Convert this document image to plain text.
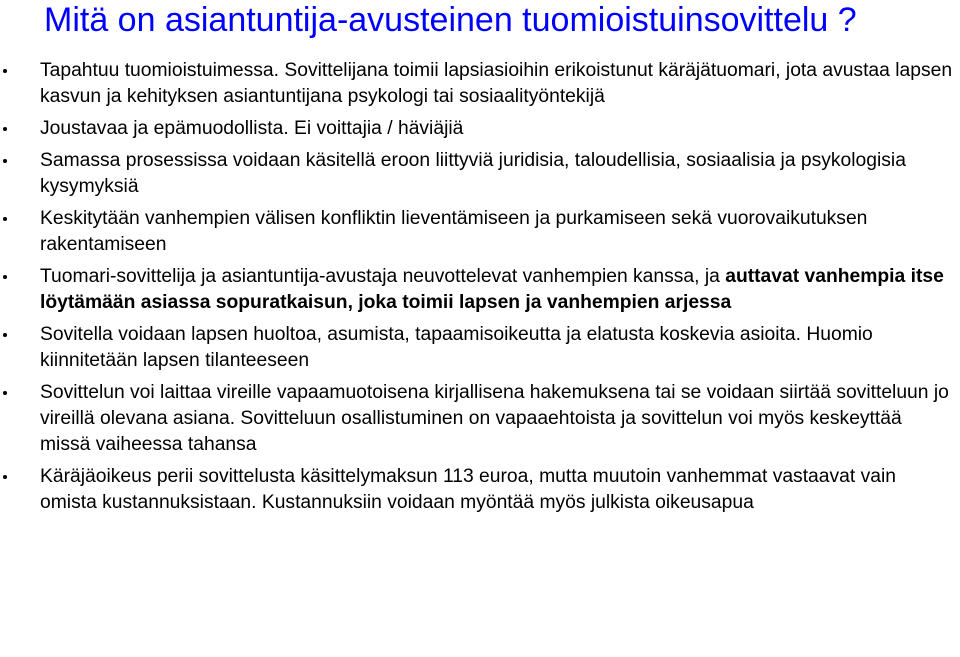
Mitä on asiantuntija-avusteinen tuomioistuinsovittelu ?
Tapahtuu tuomioistuimessa. Sovittelijana toimii lapsiasioihin erikoistunut käräjätuomari, jota avustaa lapsen kasvun ja kehityksen asiantuntijana psykologi tai sosiaalityöntekijä
Joustavaa ja epämuodollista. Ei voittajia / häviäjiä
Samassa prosessissa voidaan käsitellä eroon liittyviä juridisia, taloudellisia, sosiaalisia ja psykologisia kysymyksiä
Keskitytään vanhempien välisen konfliktin lieventämiseen ja purkamiseen sekä vuorovaikutuksen rakentamiseen
Tuomari-sovittelija ja asiantuntija-avustaja neuvottelevat vanhempien kanssa, ja auttavat vanhempia itse löytämään asiassa sopuratkaisun, joka toimii lapsen ja vanhempien arjessa
Sovitella voidaan lapsen huoltoa, asumista, tapaamisoikeutta ja elatusta koskevia asioita. Huomio kiinnitetään lapsen tilanteeseen
Sovittelun voi laittaa vireille vapaamuotoisena kirjallisena hakemuksena tai se voidaan siirtää sovitteluun jo vireillä olevana asiana. Sovitteluun osallistuminen on vapaaehtoista ja sovittelun voi myös keskeyttää missä vaiheessa tahansa
Käräjäoikeus perii sovittelusta käsittelymaksun 113 euroa, mutta muutoin vanhemmat vastaavat vain omista kustannuksistaan. Kustannuksiin voidaan myöntää myös julkista oikeusapua
